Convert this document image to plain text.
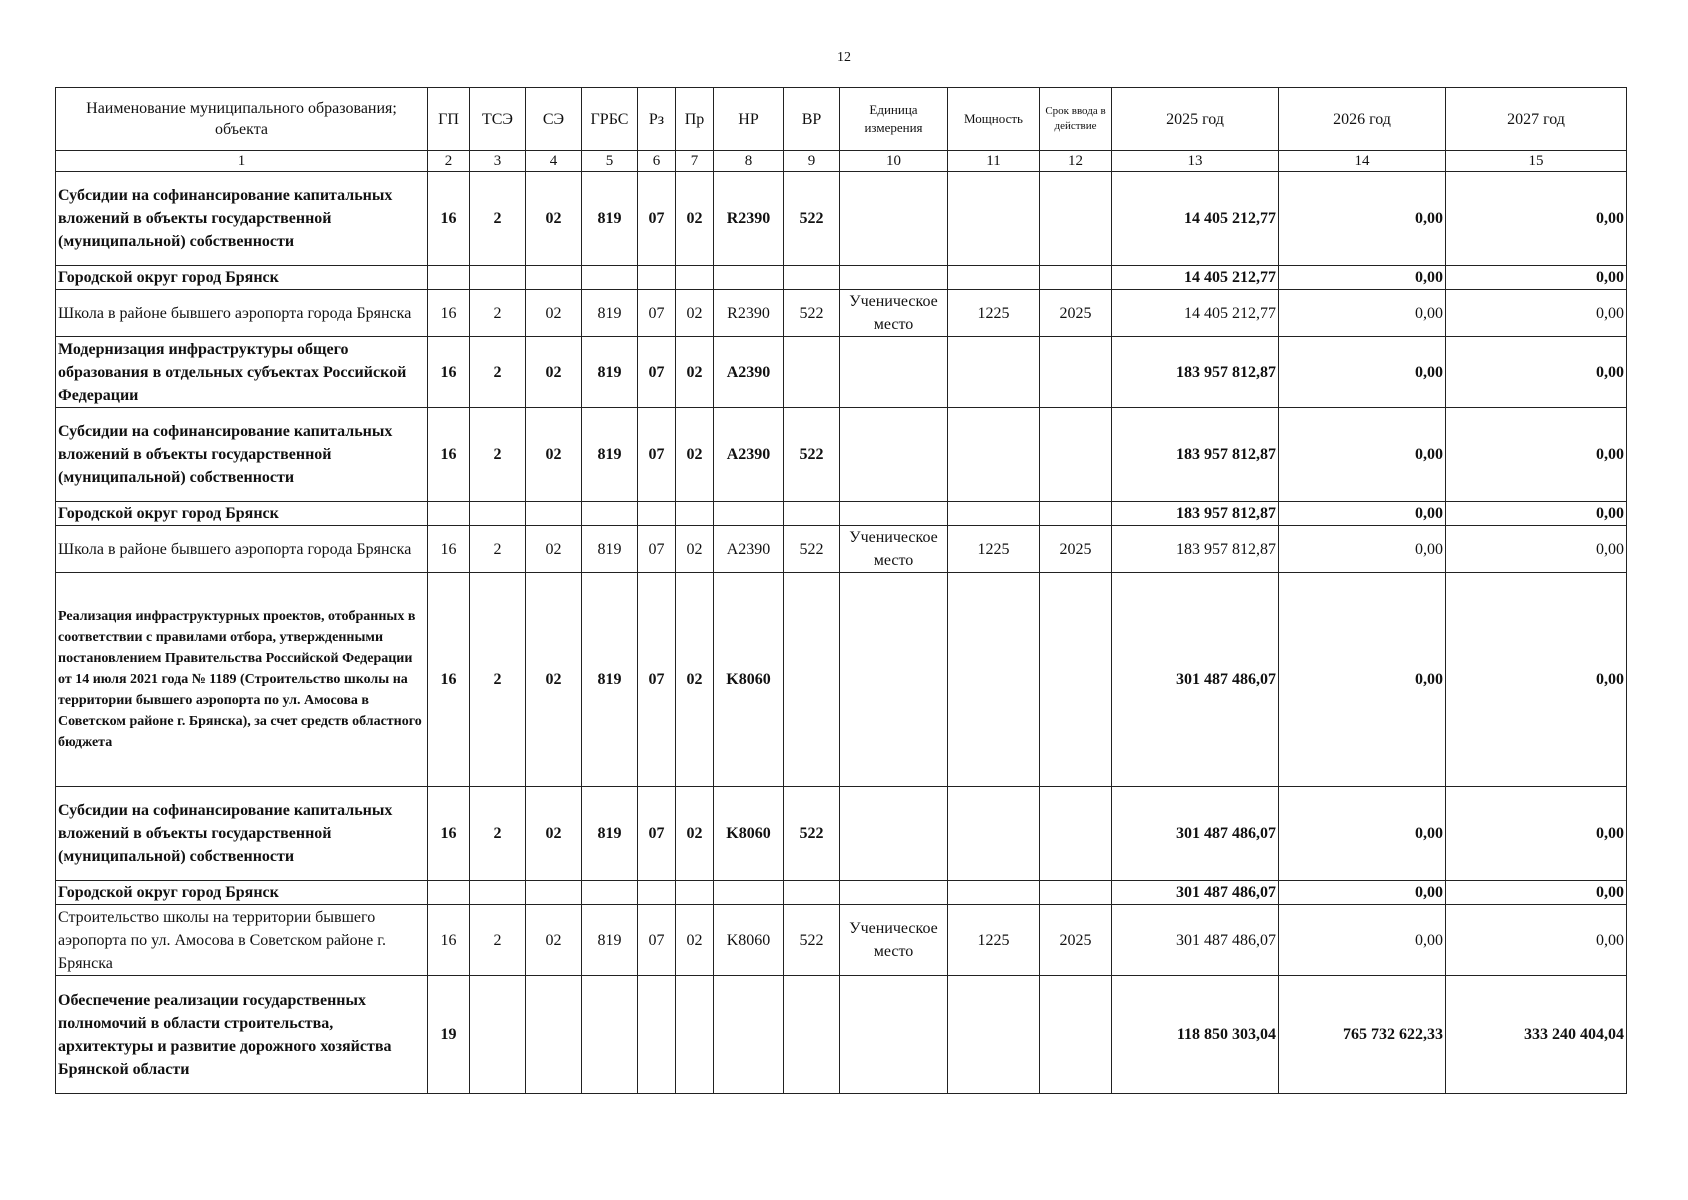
12
Наименование муниципального образования; объекта	ГП	ТСЭ	СЭ	ГРБС	Рз	Пр	НР	ВР	Единица измерения	Мощность	Срок ввода в действие	2025 год	2026 год	2027 год
1	2	3	4	5	6	7	8	9	10	11	12	13	14	15
Субсидии на софинансирование капитальных вложений в объекты государственной (муниципальной) собственности	16	2	02	819	07	02	R2390	522				14 405 212,77	0,00	0,00
Городской округ город Брянск												14 405 212,77	0,00	0,00
Школа в районе бывшего аэропорта города Брянска	16	2	02	819	07	02	R2390	522	Ученическое место	1225	2025	14 405 212,77	0,00	0,00
Модернизация инфраструктуры общего образования в отдельных субъектах Российской Федерации	16	2	02	819	07	02	A2390					183 957 812,87	0,00	0,00
Субсидии на софинансирование капитальных вложений в объекты государственной (муниципальной) собственности	16	2	02	819	07	02	A2390	522				183 957 812,87	0,00	0,00
Городской округ город Брянск												183 957 812,87	0,00	0,00
Школа в районе бывшего аэропорта города Брянска	16	2	02	819	07	02	A2390	522	Ученическое место	1225	2025	183 957 812,87	0,00	0,00
Реализация инфраструктурных проектов, отобранных в соответствии с правилами отбора, утвержденными постановлением Правительства Российской Федерации от 14 июля 2021 года № 1189 (Строительство школы на территории бывшего аэропорта по ул. Амосова в Советском районе г. Брянска), за счет средств областного бюджета	16	2	02	819	07	02	K8060					301 487 486,07	0,00	0,00
Субсидии на софинансирование капитальных вложений в объекты государственной (муниципальной) собственности	16	2	02	819	07	02	K8060	522				301 487 486,07	0,00	0,00
Городской округ город Брянск												301 487 486,07	0,00	0,00
Строительство школы на территории бывшего аэропорта по ул. Амосова в Советском районе г. Брянска	16	2	02	819	07	02	K8060	522	Ученическое место	1225	2025	301 487 486,07	0,00	0,00
Обеспечение реализации государственных полномочий в области строительства, архитектуры и развитие дорожного хозяйства Брянской области	19											118 850 303,04	765 732 622,33	333 240 404,04
